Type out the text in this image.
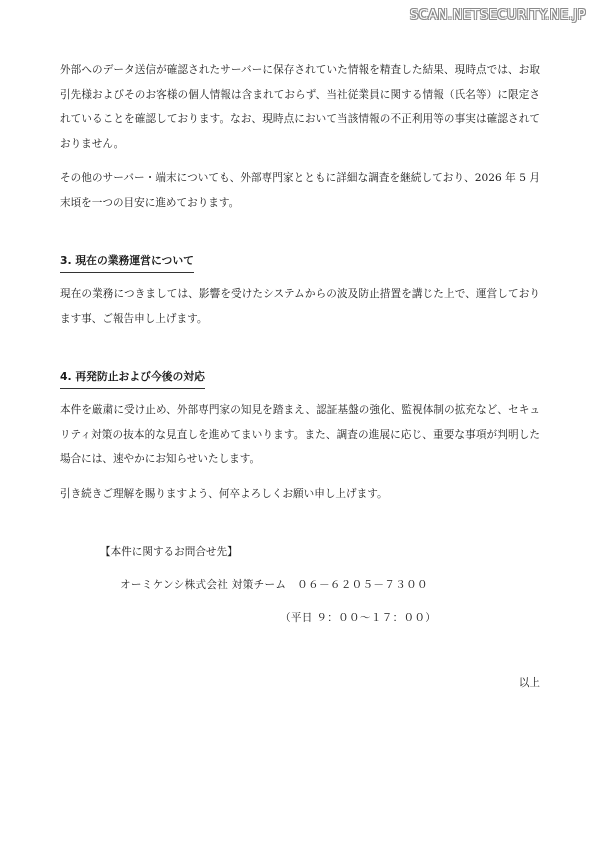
SCAN.NETSECURITY.NE.JP

外部へのデータ送信が確認されたサーバーに保存されていた情報を精査した結果、現時点では、お取引先様およびそのお客様の個人情報は含まれておらず、当社従業員に関する情報（氏名等）に限定されていることを確認しております。なお、現時点において当該情報の不正利用等の事実は確認されておりません。

その他のサーバー・端末についても、外部専門家とともに詳細な調査を継続しており、2026 年 5 月末頃を一つの目安に進めております。

3. 現在の業務運営について

現在の業務につきましては、影響を受けたシステムからの波及防止措置を講じた上で、運営しております事、ご報告申し上げます。

4. 再発防止および今後の対応

本件を厳粛に受け止め、外部専門家の知見を踏まえ、認証基盤の強化、監視体制の拡充など、セキュリティ対策の抜本的な見直しを進めてまいります。また、調査の進展に応じ、重要な事項が判明した場合には、速やかにお知らせいたします。

引き続きご理解を賜りますよう、何卒よろしくお願い申し上げます。

【本件に関するお問合せ先】
オーミケンシ株式会社 対策チーム　０６－６２０５－７３００
（平日 ９：００～１７：００）
以上
